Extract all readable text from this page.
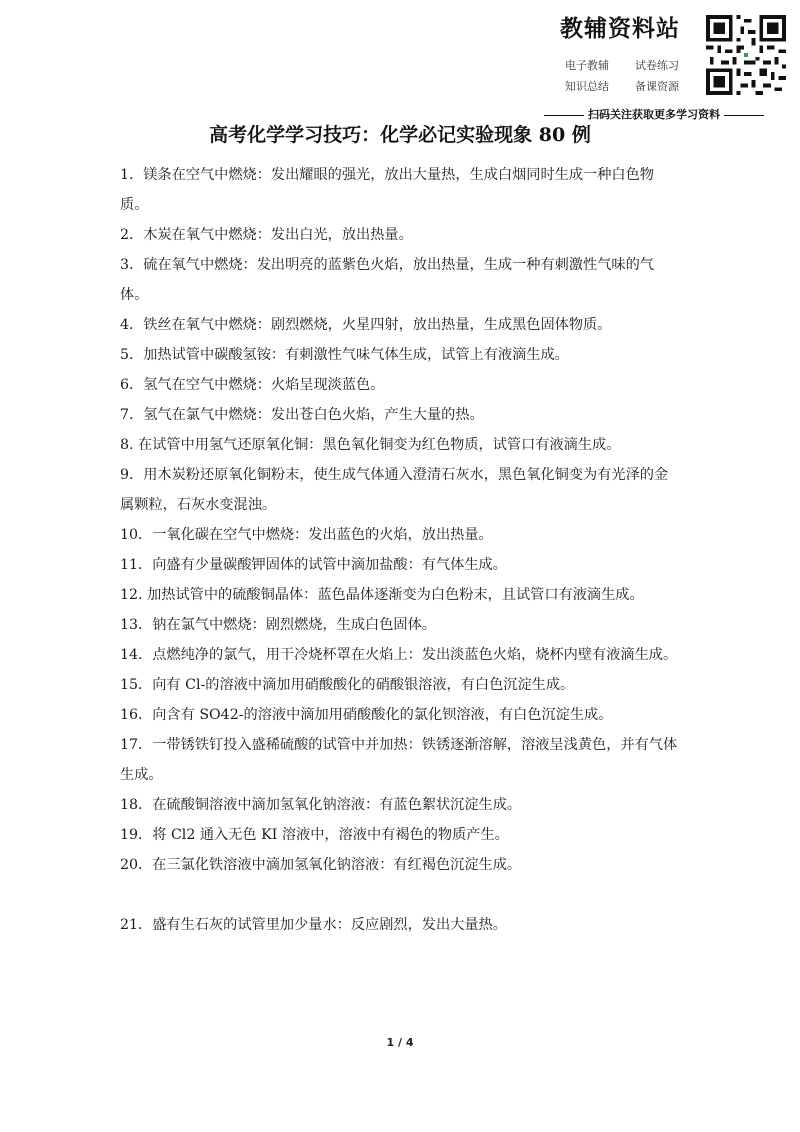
教辅资料站
电子教辅 试卷练习
知识总结 备课资源
扫码关注获取更多学习资料
高考化学学习技巧：化学必记实验现象 80 例

1．镁条在空气中燃烧：发出耀眼的强光，放出大量热，生成白烟同时生成一种白色物质。

2．木炭在氧气中燃烧：发出白光，放出热量。

3．硫在氧气中燃烧：发出明亮的蓝紫色火焰，放出热量，生成一种有刺激性气味的气体。

4．铁丝在氧气中燃烧：剧烈燃烧，火星四射，放出热量，生成黑色固体物质。

5．加热试管中碳酸氢铵：有刺激性气味气体生成，试管上有液滴生成。

6．氢气在空气中燃烧：火焰呈现淡蓝色。

7．氢气在氯气中燃烧：发出苍白色火焰，产生大量的热。

8. 在试管中用氢气还原氧化铜：黑色氧化铜变为红色物质，试管口有液滴生成。

9．用木炭粉还原氧化铜粉末，使生成气体通入澄清石灰水，黑色氧化铜变为有光泽的金属颗粒，石灰水变混浊。

10．一氧化碳在空气中燃烧：发出蓝色的火焰，放出热量。

11．向盛有少量碳酸钾固体的试管中滴加盐酸：有气体生成。

12. 加热试管中的硫酸铜晶体：蓝色晶体逐渐变为白色粉末，且试管口有液滴生成。

13．钠在氯气中燃烧：剧烈燃烧，生成白色固体。

14．点燃纯净的氯气，用干冷烧杯罩在火焰上：发出淡蓝色火焰，烧杯内壁有液滴生成。

15．向有 Cl-的溶液中滴加用硝酸酸化的硝酸银溶液，有白色沉淀生成。

16．向含有 SO42-的溶液中滴加用硝酸酸化的氯化钡溶液，有白色沉淀生成。

17．一带锈铁钉投入盛稀硫酸的试管中并加热：铁锈逐渐溶解，溶液呈浅黄色，并有气体生成。

18．在硫酸铜溶液中滴加氢氧化钠溶液：有蓝色絮状沉淀生成。

19．将 Cl2 通入无色 KI 溶液中，溶液中有褐色的物质产生。

20．在三氯化铁溶液中滴加氢氧化钠溶液：有红褐色沉淀生成。

21．盛有生石灰的试管里加少量水：反应剧烈，发出大量热。

1 / 4
